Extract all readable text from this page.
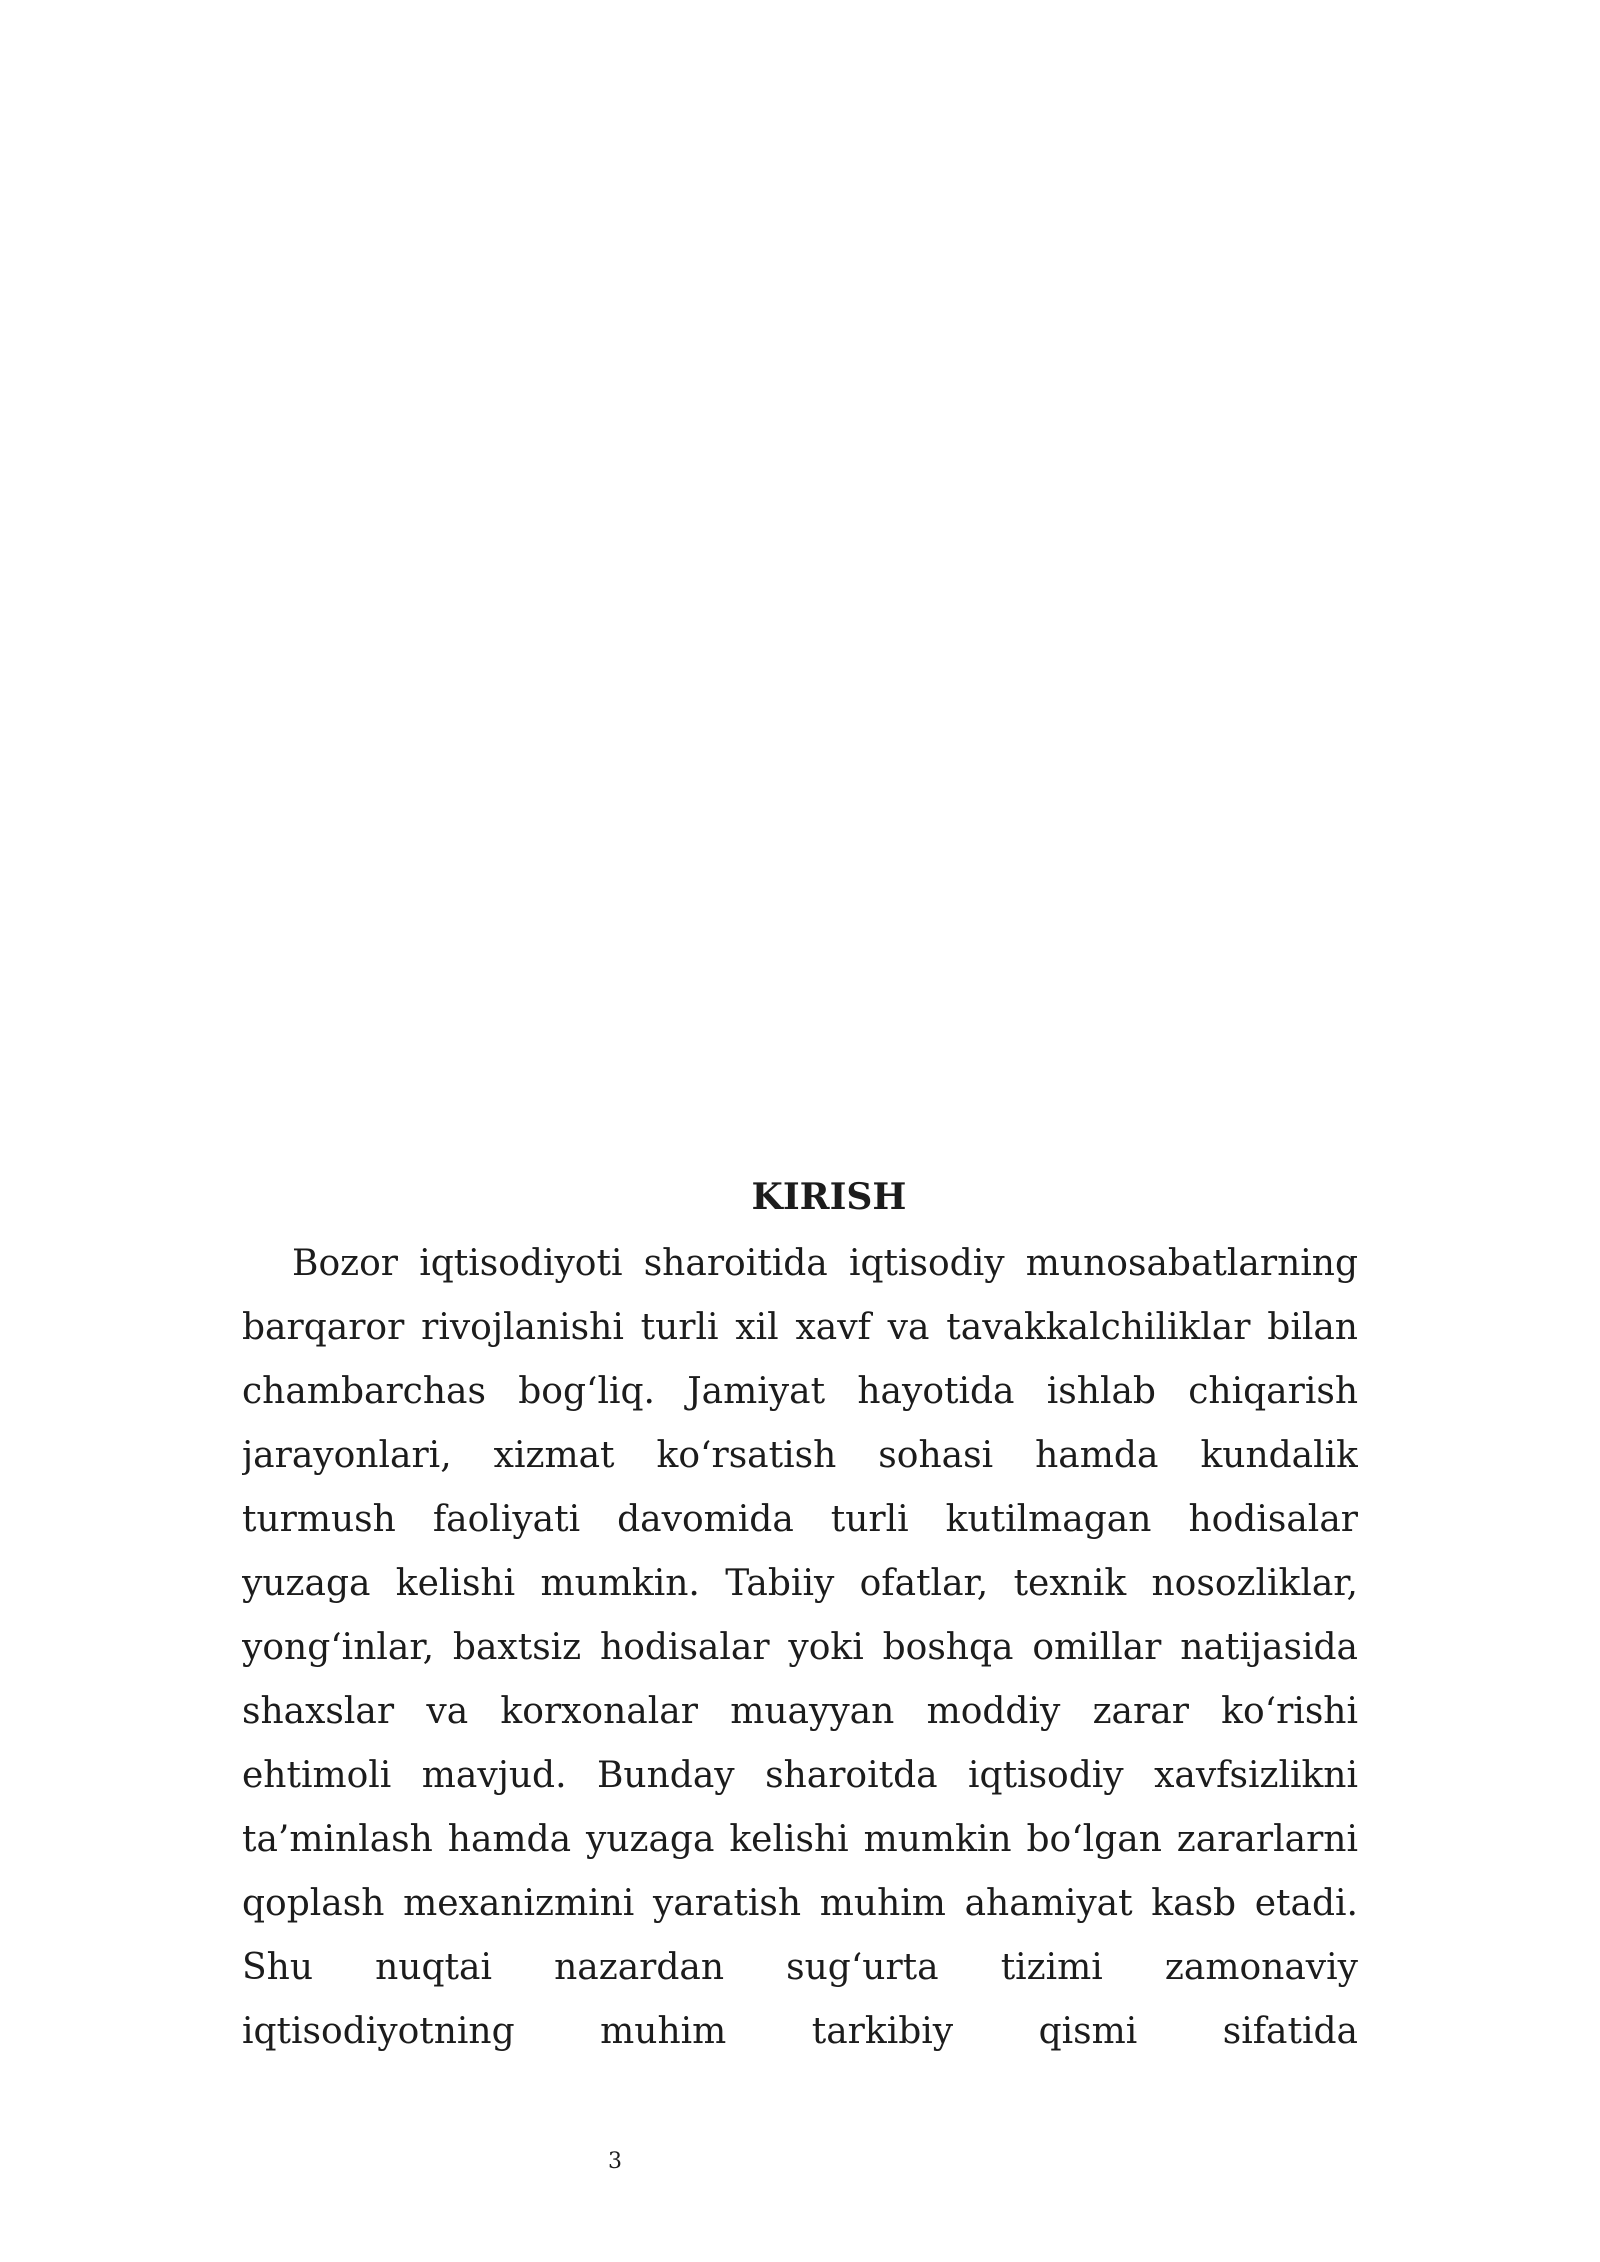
KIRISH
Bozor iqtisodiyoti sharoitida iqtisodiy munosabatlarning
barqaror rivojlanishi turli xil xavf va tavakkalchiliklar bilan
chambarchas bog‘liq. Jamiyat hayotida ishlab chiqarish
jarayonlari, xizmat ko‘rsatish sohasi hamda kundalik
turmush faoliyati davomida turli kutilmagan hodisalar
yuzaga kelishi mumkin. Tabiiy ofatlar, texnik nosozliklar,
yong‘inlar, baxtsiz hodisalar yoki boshqa omillar natijasida
shaxslar va korxonalar muayyan moddiy zarar ko‘rishi
ehtimoli mavjud. Bunday sharoitda iqtisodiy xavfsizlikni
ta’minlash hamda yuzaga kelishi mumkin bo‘lgan zararlarni
qoplash mexanizmini yaratish muhim ahamiyat kasb etadi.
Shu nuqtai nazardan sug‘urta tizimi zamonaviy
iqtisodiyotning muhim tarkibiy qismi sifatida
3
